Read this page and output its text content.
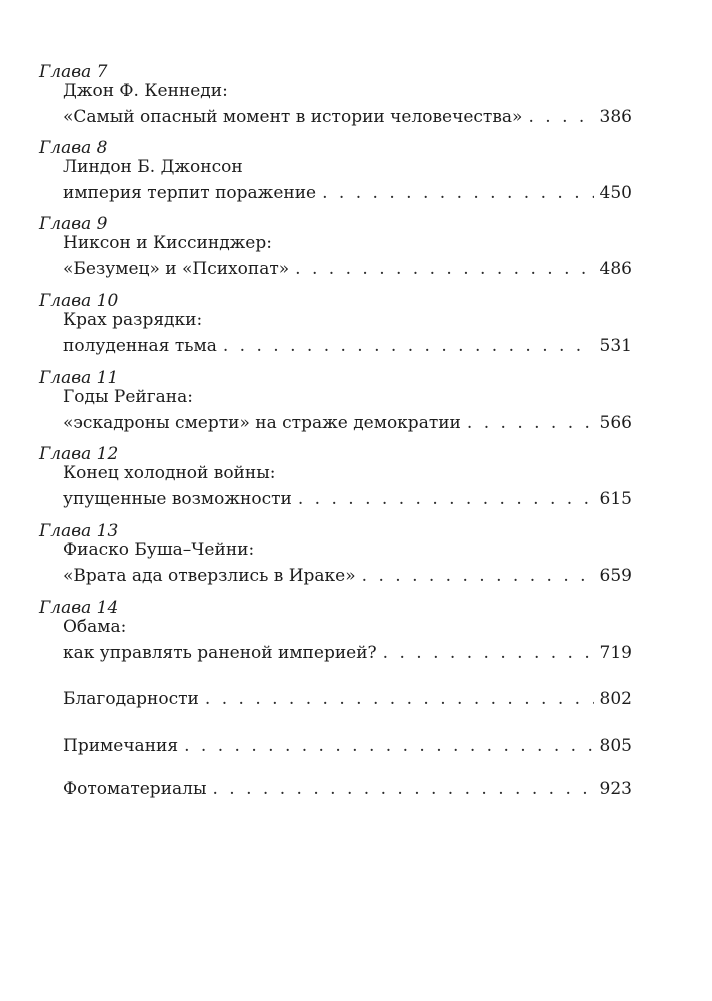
Глава 7
Джон Ф. Кеннеди:
«Самый опасный момент в истории человечества» . . .	386
Глава 8
Линдон Б. Джонсон
империя терпит поражение . . .	450
Глава 9
Никсон и Киссинджер:
«Безумец» и «Психопат» . . .	486
Глава 10
Крах разрядки:
полуденная тьма . . .	531
Глава 11
Годы Рейгана:
«эскадроны смерти» на страже демократии . . .	566
Глава 12
Конец холодной войны:
упущенные возможности . . .	615
Глава 13
Фиаско Буша–Чейни:
«Врата ада отверзлись в Ираке» . . .	659
Глава 14
Обама:
как управлять раненой империей? . . .	719
Благодарности . . .	802
Примечания . . .	805
Фотоматериалы . . .	923
